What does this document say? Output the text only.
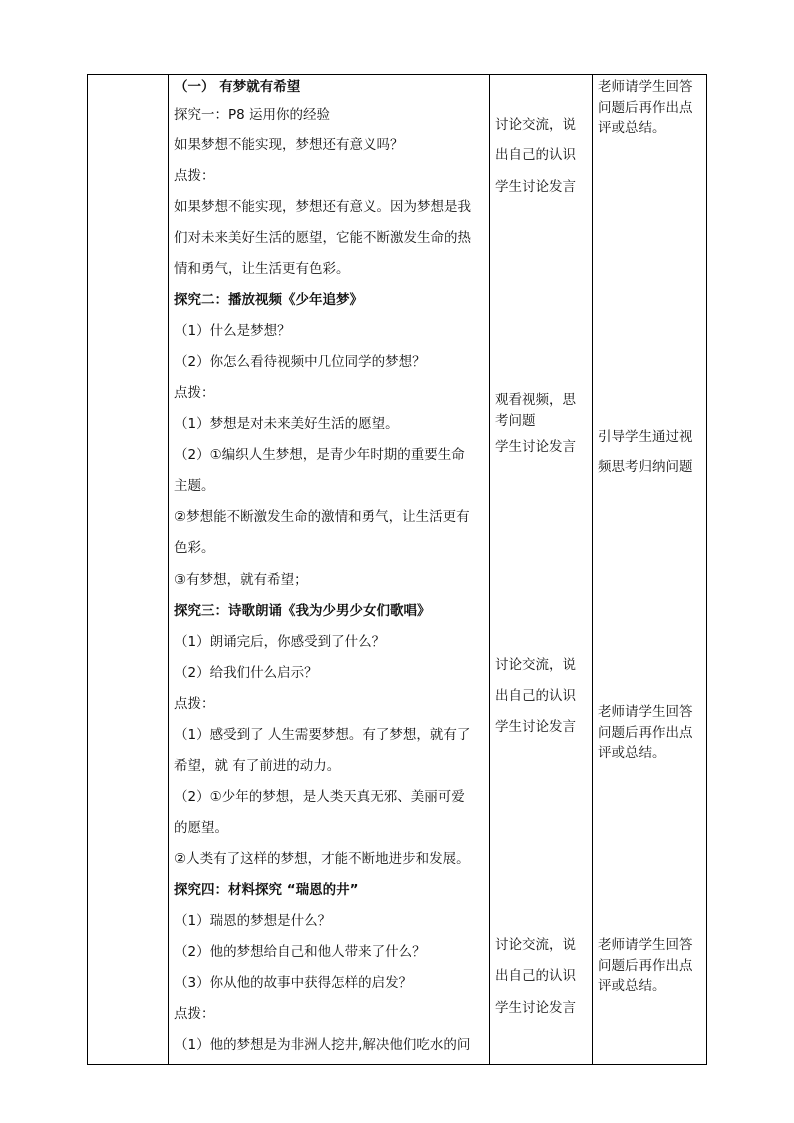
（一） 有梦就有希望
探究一：P8 运用你的经验
如果梦想不能实现，梦想还有意义吗？
点拨：
如果梦想不能实现，梦想还有意义。因为梦想是我
们对未来美好生活的愿望，它能不断激发生命的热
情和勇气，让生活更有色彩。
探究二：播放视频《少年追梦》
（1）什么是梦想？
（2）你怎么看待视频中几位同学的梦想？
点拨：
（1）梦想是对未来美好生活的愿望。
（2）①编织人生梦想，是青少年时期的重要生命
主题。
②梦想能不断激发生命的激情和勇气，让生活更有
色彩。
③有梦想，就有希望；
探究三：诗歌朗诵《我为少男少女们歌唱》
（1）朗诵完后，你感受到了什么？
（2）给我们什么启示？
点拨：
（1）感受到了 人生需要梦想。有了梦想，就有了
希望，就 有了前进的动力。
（2）①少年的梦想，是人类天真无邪、美丽可爱
的愿望。
②人类有了这样的梦想，才能不断地进步和发展。
探究四：材料探究 “瑞恩的井”
（1）瑞恩的梦想是什么？
（2）他的梦想给自己和他人带来了什么？
（3）你从他的故事中获得怎样的启发？
点拨：
（1）他的梦想是为非洲人挖井,解决他们吃水的问
讨论交流，说
出自己的认识
学生讨论发言
观看视频，思
考问题
学生讨论发言
讨论交流，说
出自己的认识
学生讨论发言
讨论交流，说
出自己的认识
学生讨论发言
老师请学生回答
问题后再作出点
评或总结。
引导学生通过视
频思考归纳问题
老师请学生回答
问题后再作出点
评或总结。
老师请学生回答
问题后再作出点
评或总结。
